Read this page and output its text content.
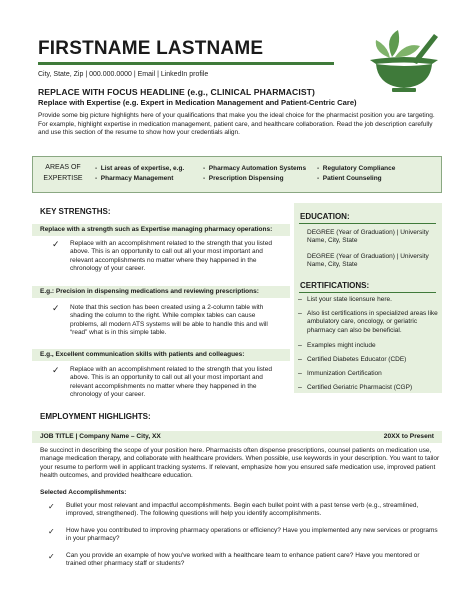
FIRSTNAME LASTNAME
City, State, Zip | 000.000.0000 | Email | LinkedIn profile
REPLACE WITH FOCUS HEADLINE (e.g., CLINICAL PHARMACIST)
Replace with Expertise (e.g. Expert in Medication Management and Patient-Centric Care)
Provide some big picture highlights here of your qualifications that make you the ideal choice for the pharmacist position you are targeting. For example, highlight expertise in medication management, patient care, and healthcare collaboration. Read the job description carefully and use this section of the resume to show how your credentials align.
AREAS OF
EXPERTISE
-  List areas of expertise, e.g.
-  Pharmacy Management
-  Pharmacy Automation Systems
-  Prescription Dispensing
-  Regulatory Compliance
-  Patient Counseling
KEY STRENGTHS:
Replace with a strength such as Expertise managing pharmacy operations:
✓ Replace with an accomplishment related to the strength that you listed above. This is an opportunity to call out all your most important and relevant accomplishments no matter where they happened in the chronology of your career.
E.g.: Precision in dispensing medications and reviewing prescriptions:
✓ Note that this section has been created using a 2-column table with shading the column to the right. While complex tables can cause problems, all modern ATS systems will be able to handle this and will “read” what is in this simple table.
E.g., Excellent communication skills with patients and colleagues:
✓ Replace with an accomplishment related to the strength that you listed above. This is an opportunity to call out all your most important and relevant accomplishments no matter where they happened in the chronology of your career.
EDUCATION:
DEGREE (Year of Graduation) | University Name, City, State
DEGREE (Year of Graduation) | University Name, City, State
CERTIFICATIONS:
– List your state licensure here.
– Also list certifications in specialized areas like ambulatory care, oncology, or geriatric pharmacy can also be beneficial.
– Examples might include
– Certified Diabetes Educator (CDE)
– Immunization Certification
– Certified Geriatric Pharmacist (CGP)
EMPLOYMENT HIGHLIGHTS:
JOB TITLE | Company Name – City, XX	20XX to Present
Be succinct in describing the scope of your position here. Pharmacists often dispense prescriptions, counsel patients on medication use, manage medication therapy, and collaborate with healthcare providers. When possible, use keywords in your description. You want to tailor your resume to perform well in applicant tracking systems. If relevant, emphasize how you ensured safe medication use, improved patient health outcomes, and provided healthcare education.
Selected Accomplishments:
✓ Bullet your most relevant and impactful accomplishments. Begin each bullet point with a past tense verb (e.g., streamlined, improved, strengthened). The following questions will help you identify accomplishments.
✓ How have you contributed to improving pharmacy operations or efficiency? Have you implemented any new services or programs in your pharmacy?
✓ Can you provide an example of how you've worked with a healthcare team to enhance patient care? Have you mentored or trained other pharmacy staff or students?
